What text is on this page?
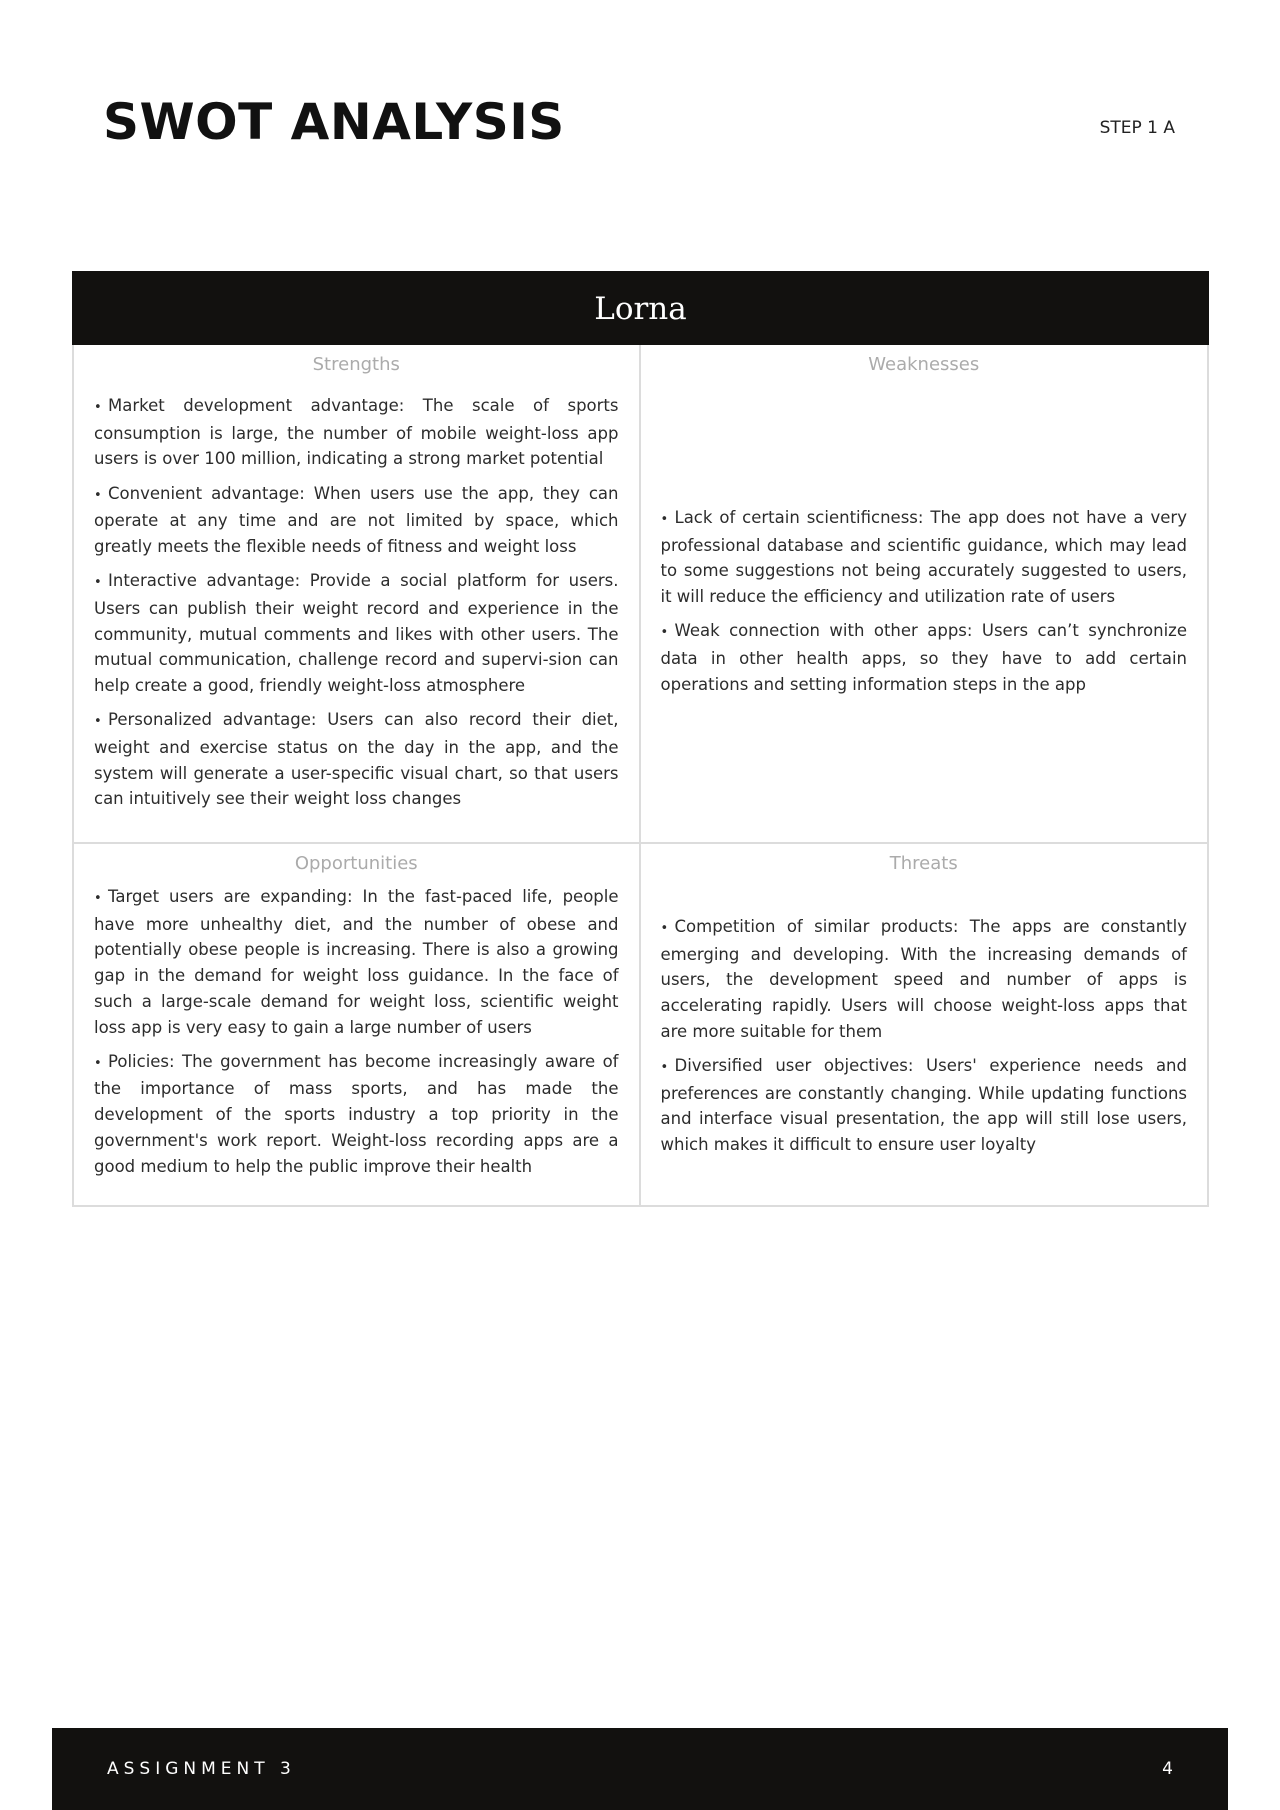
SWOT ANALYSIS	STEP 1 A
Lorna

Strengths

• Market development advantage: The scale of sports consumption is large, the number of mobile weight-loss app users is over 100 million, indicating a strong market potential
• Convenient advantage: When users use the app, they can operate at any time and are not limited by space, which greatly meets the flexible needs of fitness and weight loss
• Interactive advantage: Provide a social platform for users. Users can publish their weight record and experience in the community, mutual comments and likes with other users. The mutual communication, challenge record and supervi-sion can help create a good, friendly weight-loss atmosphere
• Personalized advantage: Users can also record their diet, weight and exercise status on the day in the app, and the system will generate a user-specific visual chart, so that users can intuitively see their weight loss changes

Weaknesses

• Lack of certain scientificness: The app does not have a very professional database and scientific guidance, which may lead to some suggestions not being accurately suggested to users, it will reduce the efficiency and utilization rate of users
• Weak connection with other apps: Users can’t synchronize data in other health apps, so they have to add certain operations and setting information steps in the app

Opportunities

• Target users are expanding: In the fast-paced life, people have more unhealthy diet, and the number of obese and potentially obese people is increasing. There is also a growing gap in the demand for weight loss guidance. In the face of such a large-scale demand for weight loss, scientific weight loss app is very easy to gain a large number of users
• Policies: The government has become increasingly aware of the importance of mass sports, and has made the development of the sports industry a top priority in the government's work report. Weight-loss recording apps are a good medium to help the public improve their health

Threats

• Competition of similar products: The apps are constantly emerging and developing. With the increasing demands of users, the development speed and number of apps is accelerating rapidly. Users will choose weight-loss apps that are more suitable for them
• Diversified user objectives: Users' experience needs and preferences are constantly changing. While updating functions and interface visual presentation, the app will still lose users, which makes it difficult to ensure user loyalty
ASSIGNMENT 3	4
